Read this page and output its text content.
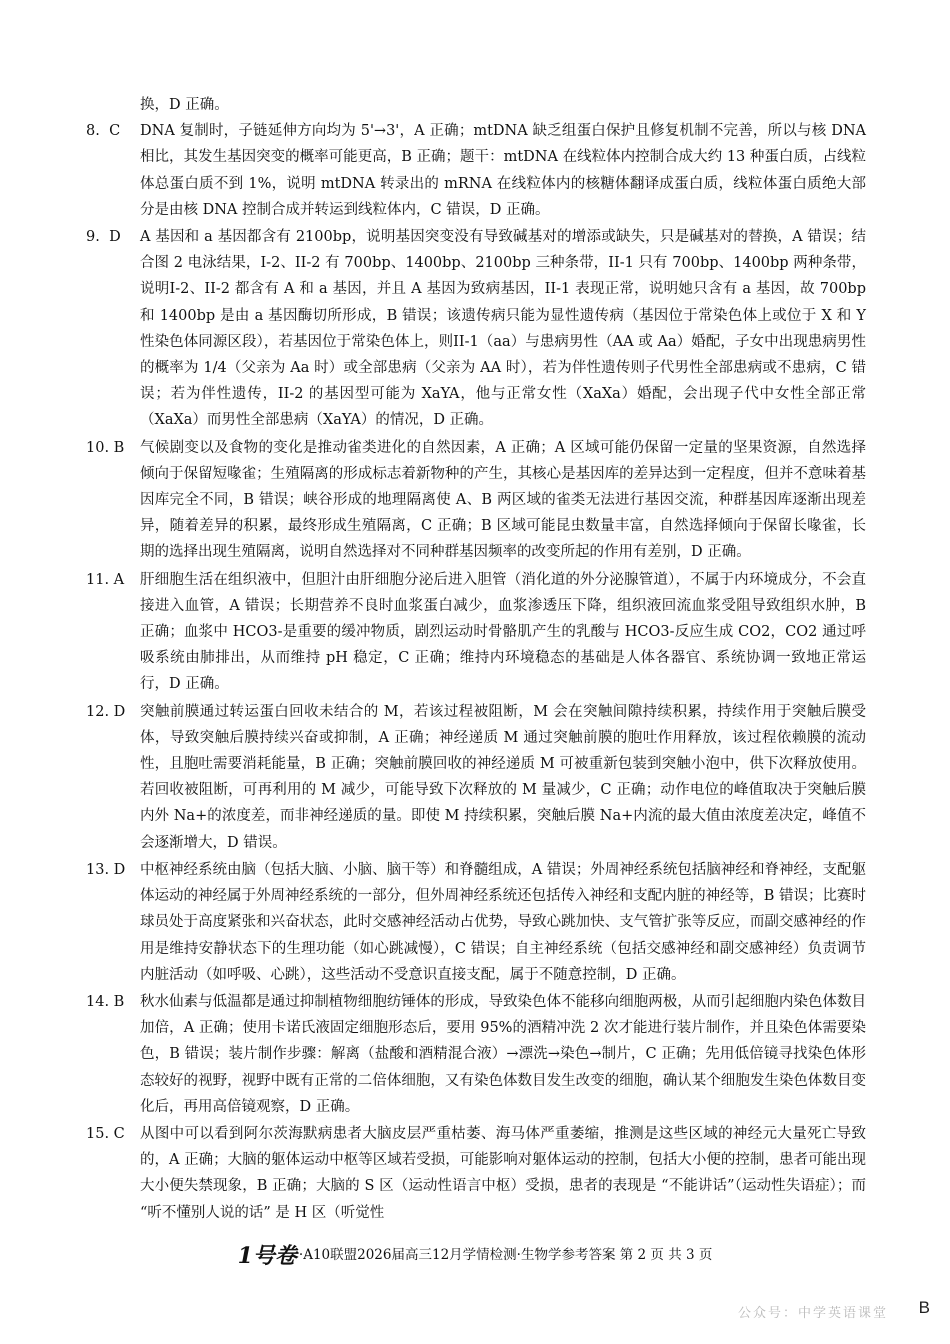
换，D 正确。
8. C	DNA 复制时，子链延伸方向均为 5'→3'，A 正确；mtDNA 缺乏组蛋白保护且修复机制不完善，所以与核 DNA 相比，其发生基因突变的概率可能更高，B 正确；题干：mtDNA 在线粒体内控制合成大约 13 种蛋白质，占线粒体总蛋白质不到 1%，说明 mtDNA 转录出的 mRNA 在线粒体内的核糖体翻译成蛋白质，线粒体蛋白质绝大部分是由核 DNA 控制合成并转运到线粒体内，C 错误，D 正确。
9. D	A 基因和 a 基因都含有 2100bp，说明基因突变没有导致碱基对的增添或缺失，只是碱基对的替换，A 错误；结合图 2 电泳结果，I-2、II-2 有 700bp、1400bp、2100bp 三种条带，II-1 只有 700bp、1400bp 两种条带，说明I-2、II-2 都含有 A 和 a 基因，并且 A 基因为致病基因，II-1 表现正常，说明她只含有 a 基因，故 700bp 和 1400bp 是由 a 基因酶切所形成，B 错误；该遗传病只能为显性遗传病（基因位于常染色体上或位于 X 和 Y 性染色体同源区段），若基因位于常染色体上，则II-1（aa）与患病男性（AA 或 Aa）婚配，子女中出现患病男性的概率为 1/4（父亲为 Aa 时）或全部患病（父亲为 AA 时），若为伴性遗传则子代男性全部患病或不患病，C 错误；若为伴性遗传，II-2 的基因型可能为 XaYA，他与正常女性（XaXa）婚配，会出现子代中女性全部正常（XaXa）而男性全部患病（XaYA）的情况，D 正确。
10. B	气候剧变以及食物的变化是推动雀类进化的自然因素，A 正确；A 区域可能仍保留一定量的坚果资源，自然选择倾向于保留短喙雀；生殖隔离的形成标志着新物种的产生，其核心是基因库的差异达到一定程度，但并不意味着基因库完全不同，B 错误；峡谷形成的地理隔离使 A、B 两区域的雀类无法进行基因交流，种群基因库逐渐出现差异，随着差异的积累，最终形成生殖隔离，C 正确；B 区域可能昆虫数量丰富，自然选择倾向于保留长喙雀，长期的选择出现生殖隔离，说明自然选择对不同种群基因频率的改变所起的作用有差别，D 正确。
11. A	肝细胞生活在组织液中，但胆汁由肝细胞分泌后进入胆管（消化道的外分泌腺管道），不属于内环境成分，不会直接进入血管，A 错误；长期营养不良时血浆蛋白减少，血浆渗透压下降，组织液回流血浆受阻导致组织水肿，B 正确；血浆中 HCO3-是重要的缓冲物质，剧烈运动时骨骼肌产生的乳酸与 HCO3-反应生成 CO2，CO2 通过呼吸系统由肺排出，从而维持 pH 稳定，C 正确；维持内环境稳态的基础是人体各器官、系统协调一致地正常运行，D 正确。
12. D	突触前膜通过转运蛋白回收未结合的 M，若该过程被阻断，M 会在突触间隙持续积累，持续作用于突触后膜受体，导致突触后膜持续兴奋或抑制，A 正确；神经递质 M 通过突触前膜的胞吐作用释放，该过程依赖膜的流动性，且胞吐需要消耗能量，B 正确；突触前膜回收的神经递质 M 可被重新包装到突触小泡中，供下次释放使用。若回收被阻断，可再利用的 M 减少，可能导致下次释放的 M 量减少，C 正确；动作电位的峰值取决于突触后膜内外 Na+的浓度差，而非神经递质的量。即使 M 持续积累，突触后膜 Na+内流的最大值由浓度差决定，峰值不会逐渐增大，D 错误。
13. D	中枢神经系统由脑（包括大脑、小脑、脑干等）和脊髓组成，A 错误；外周神经系统包括脑神经和脊神经，支配躯体运动的神经属于外周神经系统的一部分，但外周神经系统还包括传入神经和支配内脏的神经等，B 错误；比赛时球员处于高度紧张和兴奋状态，此时交感神经活动占优势，导致心跳加快、支气管扩张等反应，而副交感神经的作用是维持安静状态下的生理功能（如心跳减慢），C 错误；自主神经系统（包括交感神经和副交感神经）负责调节内脏活动（如呼吸、心跳），这些活动不受意识直接支配，属于不随意控制，D 正确。
14. B	秋水仙素与低温都是通过抑制植物细胞纺锤体的形成，导致染色体不能移向细胞两极，从而引起细胞内染色体数目加倍，A 正确；使用卡诺氏液固定细胞形态后，要用 95%的酒精冲洗 2 次才能进行装片制作，并且染色体需要染色，B 错误；装片制作步骤：解离（盐酸和酒精混合液）→漂洗→染色→制片，C 正确；先用低倍镜寻找染色体形态较好的视野，视野中既有正常的二倍体细胞，又有染色体数目发生改变的细胞，确认某个细胞发生染色体数目变化后，再用高倍镜观察，D 正确。
15. C	从图中可以看到阿尔茨海默病患者大脑皮层严重枯萎、海马体严重萎缩，推测是这些区域的神经元大量死亡导致的，A 正确；大脑的躯体运动中枢等区域若受损，可能影响对躯体运动的控制，包括大小便的控制，患者可能出现大小便失禁现象，B 正确；大脑的 S 区（运动性语言中枢）受损，患者的表现是 “不能讲话”（运动性失语症）；而 “听不懂别人说的话” 是 H 区（听觉性
1号卷 ·A10联盟2026届高三12月学情检测·生物学参考答案 第 2 页 共 3 页
公众号：中学英语课堂 B
